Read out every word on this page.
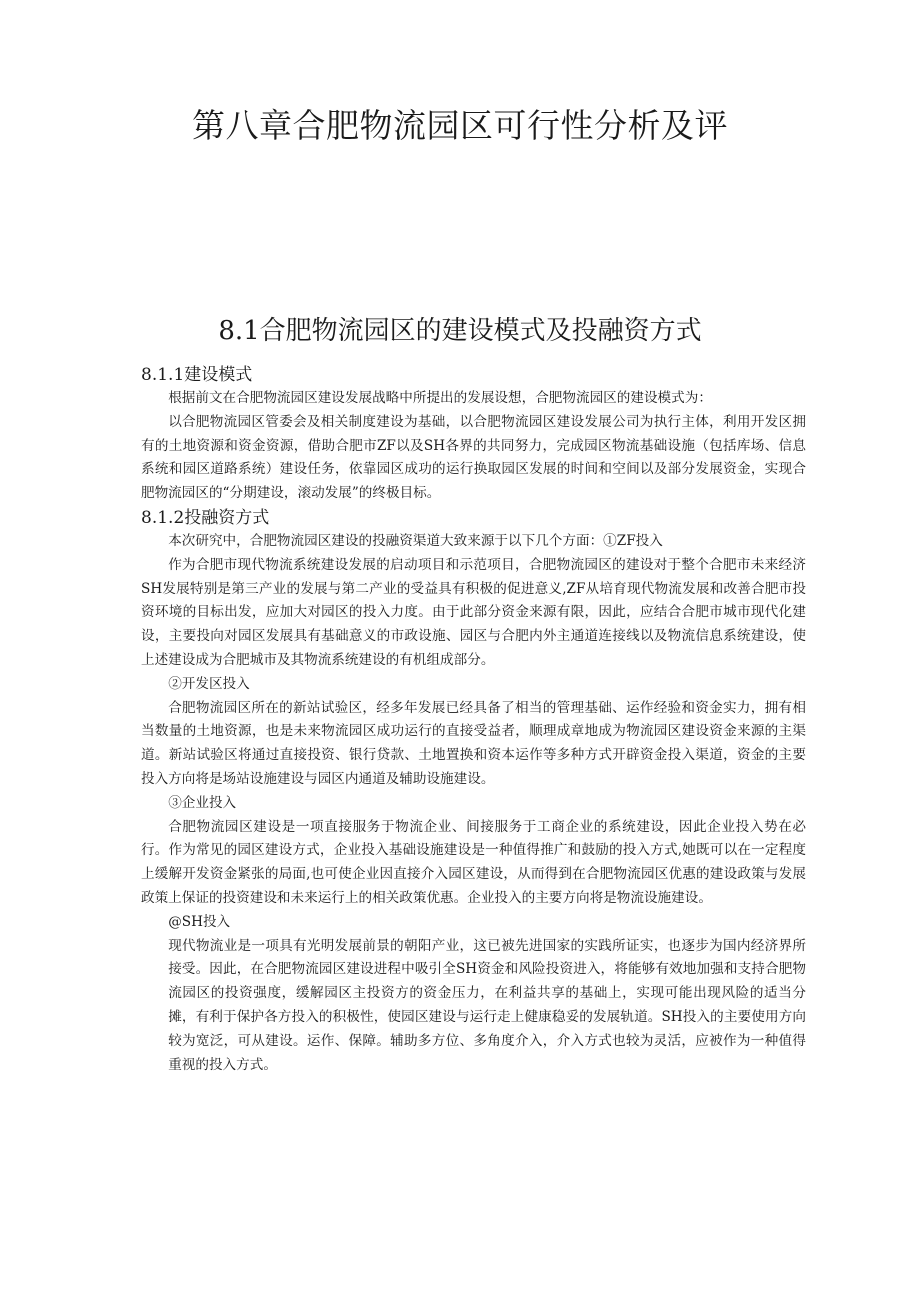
第八章合肥物流园区可行性分析及评
8.1合肥物流园区的建设模式及投融资方式
8.1.1建设模式

根据前文在合肥物流园区建设发展战略中所提出的发展设想，合肥物流园区的建设模式为：

以合肥物流园区管委会及相关制度建设为基础，以合肥物流园区建设发展公司为执行主体，利用开发区拥有的土地资源和资金资源，借助合肥市ZF以及SH各界的共同努力，完成园区物流基础设施（包括库场、信息系统和园区道路系统）建设任务，依靠园区成功的运行换取园区发展的时间和空间以及部分发展资金，实现合肥物流园区的“分期建设，滚动发展”的终极目标。

8.1.2投融资方式

本次研究中，合肥物流园区建设的投融资渠道大致来源于以下几个方面：①ZF投入

作为合肥市现代物流系统建设发展的启动项目和示范项目，合肥物流园区的建设对于整个合肥市未来经济SH发展特别是第三产业的发展与第二产业的受益具有积极的促进意义,ZF从培育现代物流发展和改善合肥市投资环境的目标出发，应加大对园区的投入力度。由于此部分资金来源有限，因此，应结合合肥市城市现代化建设，主要投向对园区发展具有基础意义的市政设施、园区与合肥内外主通道连接线以及物流信息系统建设，使上述建设成为合肥城市及其物流系统建设的有机组成部分。

②开发区投入

合肥物流园区所在的新站试验区，经多年发展已经具备了相当的管理基础、运作经验和资金实力，拥有相当数量的土地资源，也是未来物流园区成功运行的直接受益者，顺理成章地成为物流园区建设资金来源的主渠道。新站试验区将通过直接投资、银行贷款、土地置换和资本运作等多种方式开辟资金投入渠道，资金的主要投入方向将是场站设施建设与园区内通道及辅助设施建设。

③企业投入

合肥物流园区建设是一项直接服务于物流企业、间接服务于工商企业的系统建设，因此企业投入势在必行。作为常见的园区建设方式，企业投入基础设施建设是一种值得推广和鼓励的投入方式,她既可以在一定程度上缓解开发资金紧张的局面,也可使企业因直接介入园区建设，从而得到在合肥物流园区优惠的建设政策与发展政策上保证的投资建设和未来运行上的相关政策优惠。企业投入的主要方向将是物流设施建设。

@SH投入

现代物流业是一项具有光明发展前景的朝阳产业，这已被先进国家的实践所证实，也逐步为国内经济界所接受。因此，在合肥物流园区建设进程中吸引全SH资金和风险投资进入，将能够有效地加强和支持合肥物流园区的投资强度，缓解园区主投资方的资金压力，在利益共享的基础上，实现可能出现风险的适当分摊，有利于保护各方投入的积极性，使园区建设与运行走上健康稳妥的发展轨道。SH投入的主要使用方向较为宽泛，可从建设。运作、保障。辅助多方位、多角度介入，介入方式也较为灵活，应被作为一种值得重视的投入方式。
